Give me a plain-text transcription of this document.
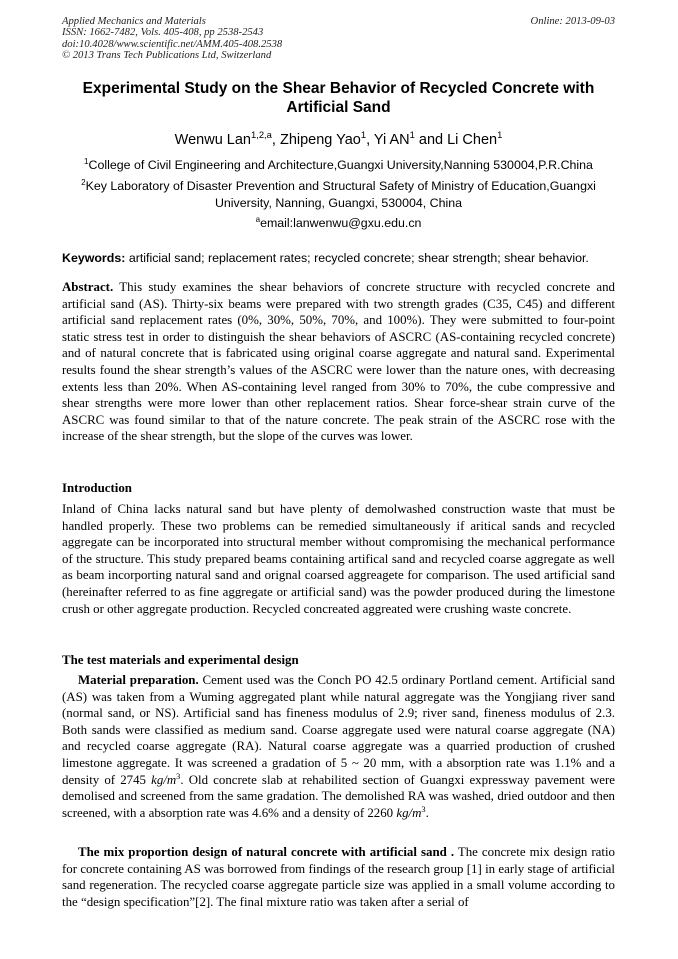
Applied Mechanics and Materials
ISSN: 1662-7482, Vols. 405-408, pp 2538-2543
doi:10.4028/www.scientific.net/AMM.405-408.2538
© 2013 Trans Tech Publications Ltd, Switzerland
Online: 2013-09-03
Experimental Study on the Shear Behavior of Recycled Concrete with Artificial Sand
Wenwu Lan$^{1,2,a}$, Zhipeng Yao$^1$, Yi $AN^1$ and Li Chen$^1$
$^1$College of Civil Engineering and Architecture,Guangxi University,Nanning 530004,P.R.China
$^2$Key Laboratory of Disaster Prevention and Structural Safety of Ministry of Education,Guangxi University, Nanning, Guangxi, 530004, China
$^a$email:lanwenwu@gxu.edu.cn
Keywords: artificial sand; replacement rates; recycled concrete; shear strength; shear behavior.
Abstract. This study examines the shear behaviors of concrete structure with recycled concrete and artificial sand (AS). Thirty-six beams were prepared with two strength grades (C35, C45) and different artificial sand replacement rates (0%, 30%, 50%, 70%, and 100%). They were submitted to four-point static stress test in order to distinguish the shear behaviors of ASCRC (AS-containing recycled concrete) and of natural concrete that is fabricated using original coarse aggregate and natural sand. Experimental results found the shear strength’s values of the ASCRC were lower than the nature ones, with decreasing extents less than 20%. When AS-containing level ranged from 30% to 70%, the cube compressive and shear strengths were more lower than other replacement ratios. Shear force-shear strain curve of the ASCRC was found similar to that of the nature concrete. The peak strain of the ASCRC rose with the increase of the shear strength, but the slope of the curves was lower.
Introduction
Inland of China lacks natural sand but have plenty of demolwashed construction waste that must be handled properly. These two problems can be remedied simultaneously if aritical sands and recycled aggregate can be incorporated into structural member without compromising the mechanical performance of the structure. This study prepared beams containing artifical sand and recycled coarse aggregate as well as beam incorporting natural sand and orignal coarsed aggreagete for comparison. The used artificial sand (hereinafter referred to as fine aggregate or artificial sand) was the powder produced during the limestone crush or other aggregate production. Recycled concreated aggreated were crushing waste concrete.
The test materials and experimental design
Material preparation. Cement used was the Conch PO 42.5 ordinary Portland cement. Artificial sand (AS) was taken from a Wuming aggregated plant while natural aggregate was the Yongjiang river sand (normal sand, or NS). Artificial sand has fineness modulus of 2.9; river sand, fineness modulus of 2.3. Both sands were classified as medium sand. Coarse aggregate used were natural coarse aggregate (NA) and recycled coarse aggregate (RA). Natural coarse aggregate was a quarried production of crushed limestone aggregate. It was screened a gradation of 5 ~ 20 mm, with a absorption rate was 1.1% and a density of 2745 $kg/m^3$. Old concrete slab at rehabilited section of Guangxi expressway pavement were demolised and screened from the same gradation. The demolished RA was washed, dried outdoor and then screened, with a absorption rate was 4.6% and a density of 2260 $kg/m^3$.
The mix proportion design of natural concrete with artificial sand . The concrete mix design ratio for concrete containing AS was borrowed from findings of the research group [1] in early stage of artificial sand regeneration. The recycled coarse aggregate particle size was applied in a small volume according to the “design specification”[2]. The final mixture ratio was taken after a serial of
